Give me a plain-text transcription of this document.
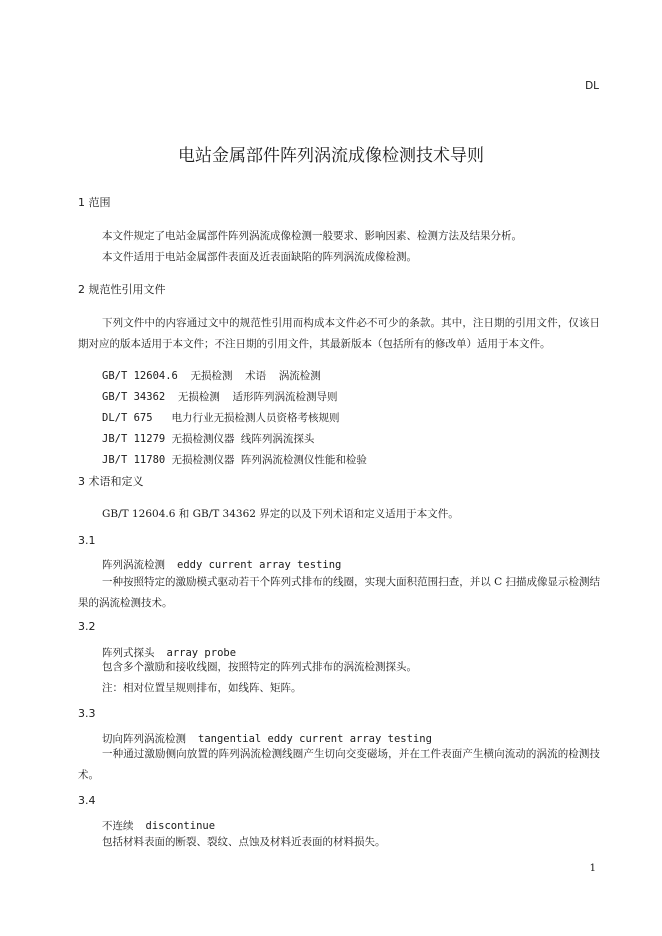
DL
电站金属部件阵列涡流成像检测技术导则
1 范围
本文件规定了电站金属部件阵列涡流成像检测一般要求、影响因素、检测方法及结果分析。
本文件适用于电站金属部件表面及近表面缺陷的阵列涡流成像检测。
2 规范性引用文件
下列文件中的内容通过文中的规范性引用而构成本文件必不可少的条款。其中，注日期的引用文件，仅该日期对应的版本适用于本文件；不注日期的引用文件，其最新版本（包括所有的修改单）适用于本文件。
GB/T 12604.6  无损检测  术语  涡流检测
GB/T 34362  无损检测  适形阵列涡流检测导则
DL/T 675   电力行业无损检测人员资格考核规则
JB/T 11279 无损检测仪器 线阵列涡流探头
JB/T 11780 无损检测仪器 阵列涡流检测仪性能和检验
3 术语和定义
GB/T 12604.6 和 GB/T 34362 界定的以及下列术语和定义适用于本文件。
3.1
阵列涡流检测 eddy current array testing
一种按照特定的激励模式驱动若干个阵列式排布的线圈，实现大面积范围扫查，并以 C 扫描成像显示检测结果的涡流检测技术。
3.2
阵列式探头 array probe
包含多个激励和接收线圈，按照特定的阵列式排布的涡流检测探头。
注：相对位置呈规则排布，如线阵、矩阵。
3.3
切向阵列涡流检测 tangential eddy current array testing
一种通过激励侧向放置的阵列涡流检测线圈产生切向交变磁场，并在工件表面产生横向流动的涡流的检测技术。
3.4
不连续 discontinue
包括材料表面的断裂、裂纹、点蚀及材料近表面的材料损失。
1
